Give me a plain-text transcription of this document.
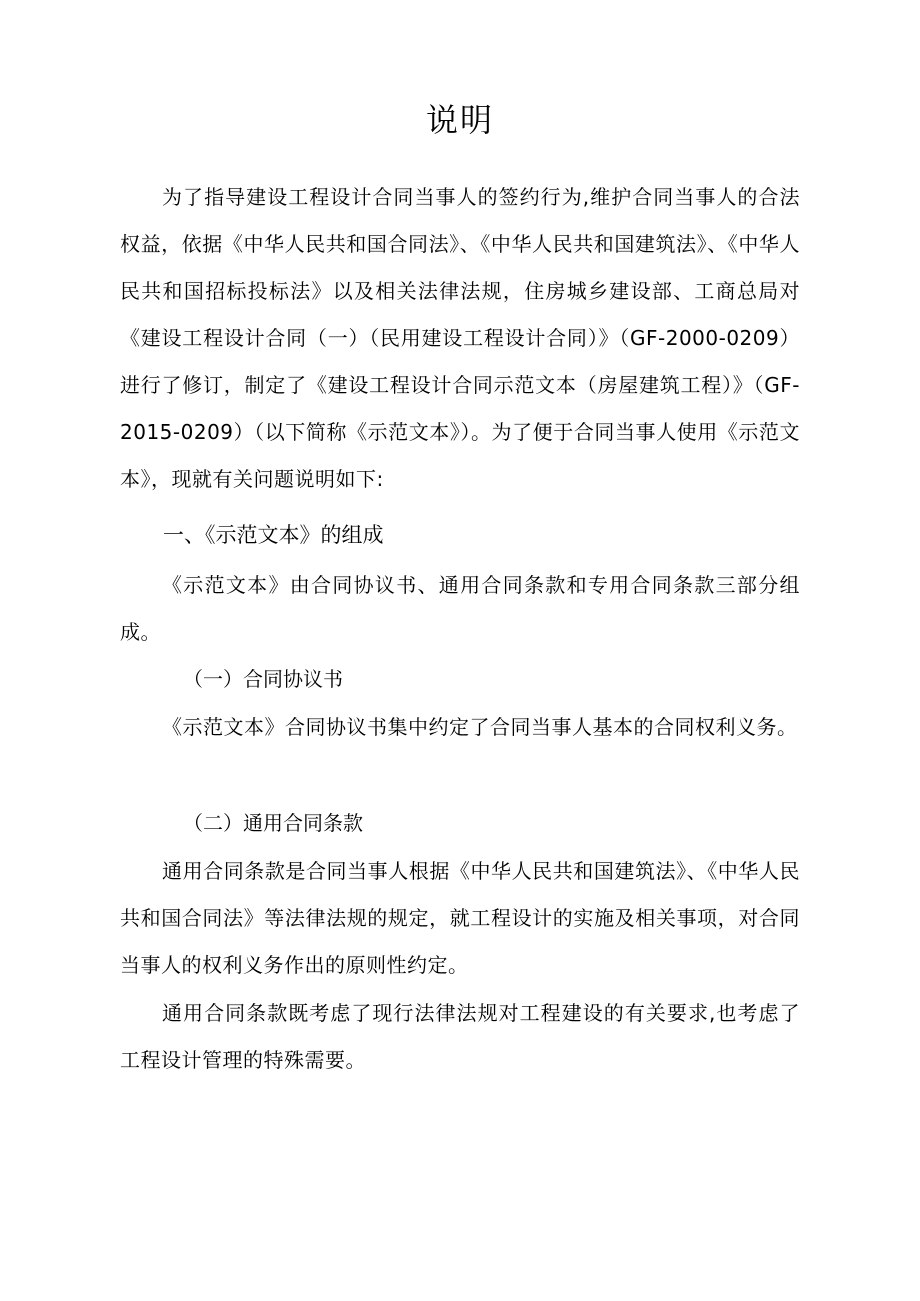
说明

为了指导建设工程设计合同当事人的签约行为,维护合同当事人的合法权益，依据《中华人民共和国合同法》、《中华人民共和国建筑法》、《中华人民共和国招标投标法》以及相关法律法规，住房城乡建设部、工商总局对《建设工程设计合同（一）（民用建设工程设计合同）》（GF-2000-0209）进行了修订，制定了《建设工程设计合同示范文本（房屋建筑工程）》（GF-2015-0209）（以下简称《示范文本》）。为了便于合同当事人使用《示范文本》，现就有关问题说明如下:

一、《示范文本》的组成

《示范文本》由合同协议书、通用合同条款和专用合同条款三部分组成。

（一）合同协议书

《示范文本》合同协议书集中约定了合同当事人基本的合同权利义务。

（二）通用合同条款

通用合同条款是合同当事人根据《中华人民共和国建筑法》、《中华人民共和国合同法》等法律法规的规定，就工程设计的实施及相关事项，对合同当事人的权利义务作出的原则性约定。

通用合同条款既考虑了现行法律法规对工程建设的有关要求,也考虑了工程设计管理的特殊需要。
